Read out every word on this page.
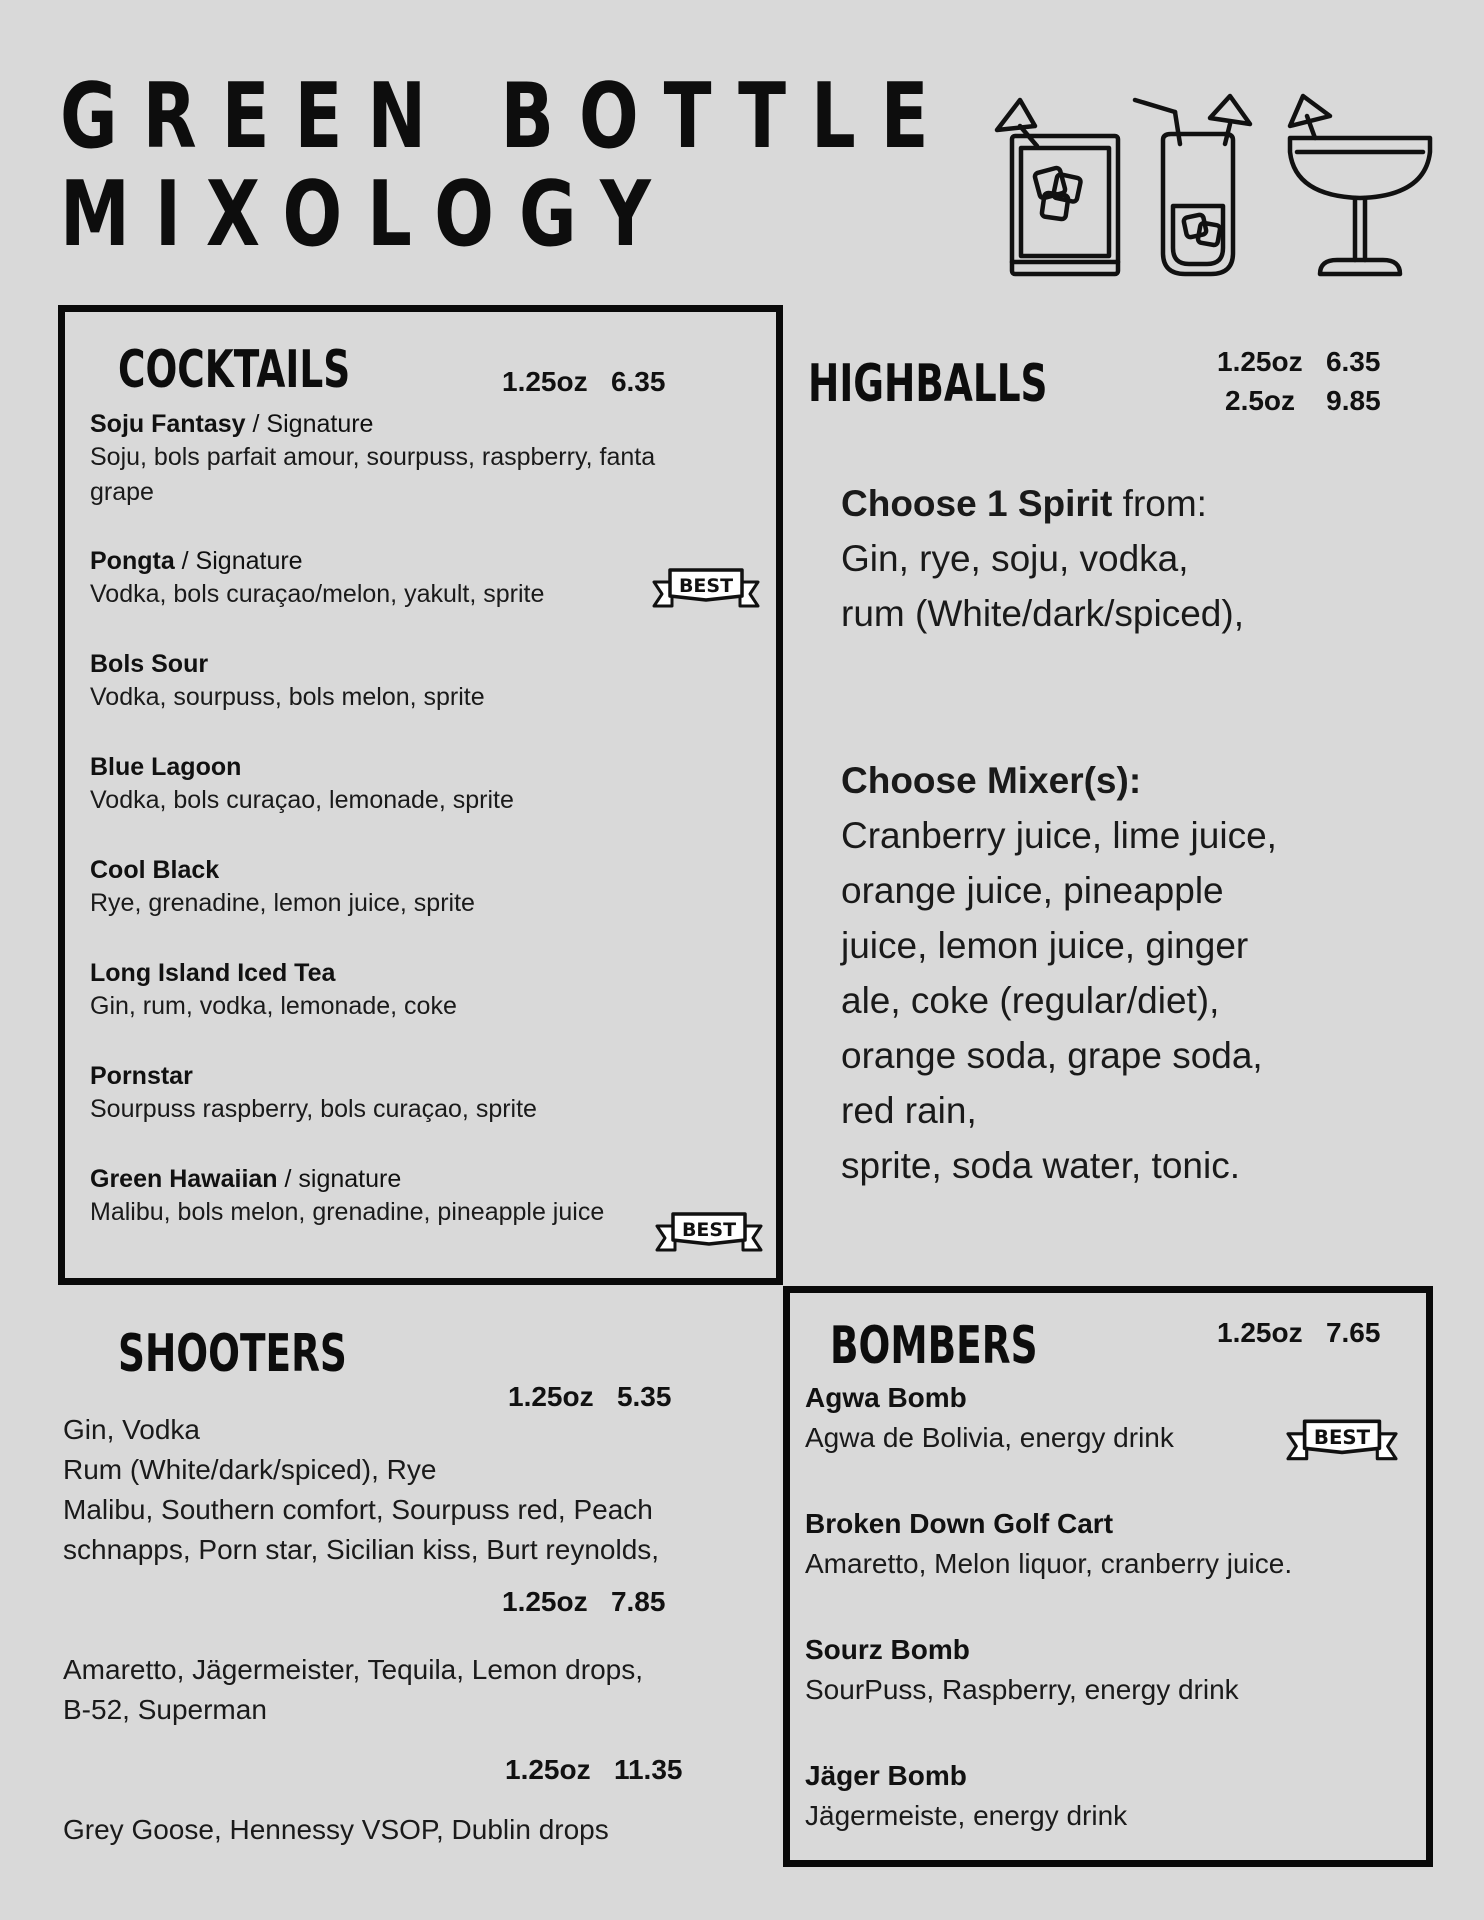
GREEN BOTTLE
MIXOLOGY
COCKTAILS	1.25oz   6.35
Soju Fantasy / Signature
Soju, bols parfait amour, sourpuss, raspberry, fanta grape
Pongta / Signature
Vodka, bols curaçao/melon, yakult, sprite
Bols Sour
Vodka, sourpuss, bols melon, sprite
Blue Lagoon
Vodka, bols curaçao, lemonade, sprite
Cool Black
Rye, grenadine, lemon juice, sprite
Long Island Iced Tea
Gin, rum, vodka, lemonade, coke
Pornstar
Sourpuss raspberry, bols curaçao, sprite
Green Hawaiian / signature
Malibu, bols melon, grenadine, pineapple juice
BEST
BEST
HIGHBALLS	1.25oz   6.35
2.5oz    9.85
Choose 1 Spirit from:
Gin, rye, soju, vodka,
rum (White/dark/spiced),
Choose Mixer(s):
Cranberry juice, lime juice,
orange juice, pineapple
juice, lemon juice, ginger
ale, coke (regular/diet),
orange soda, grape soda,
red rain,
sprite, soda water, tonic.
SHOOTERS
1.25oz   5.35
Gin, Vodka
Rum (White/dark/spiced), Rye
Malibu, Southern comfort, Sourpuss red, Peach
schnapps, Porn star, Sicilian kiss, Burt reynolds,
1.25oz   7.85
Amaretto, Jägermeister, Tequila, Lemon drops,
B-52, Superman
1.25oz   11.35
Grey Goose, Hennessy VSOP, Dublin drops
BOMBERS	1.25oz   7.65
Agwa Bomb
Agwa de Bolivia, energy drink
Broken Down Golf Cart
Amaretto, Melon liquor, cranberry juice.
Sourz Bomb
SourPuss, Raspberry, energy drink
Jäger Bomb
Jägermeiste, energy drink
BEST
